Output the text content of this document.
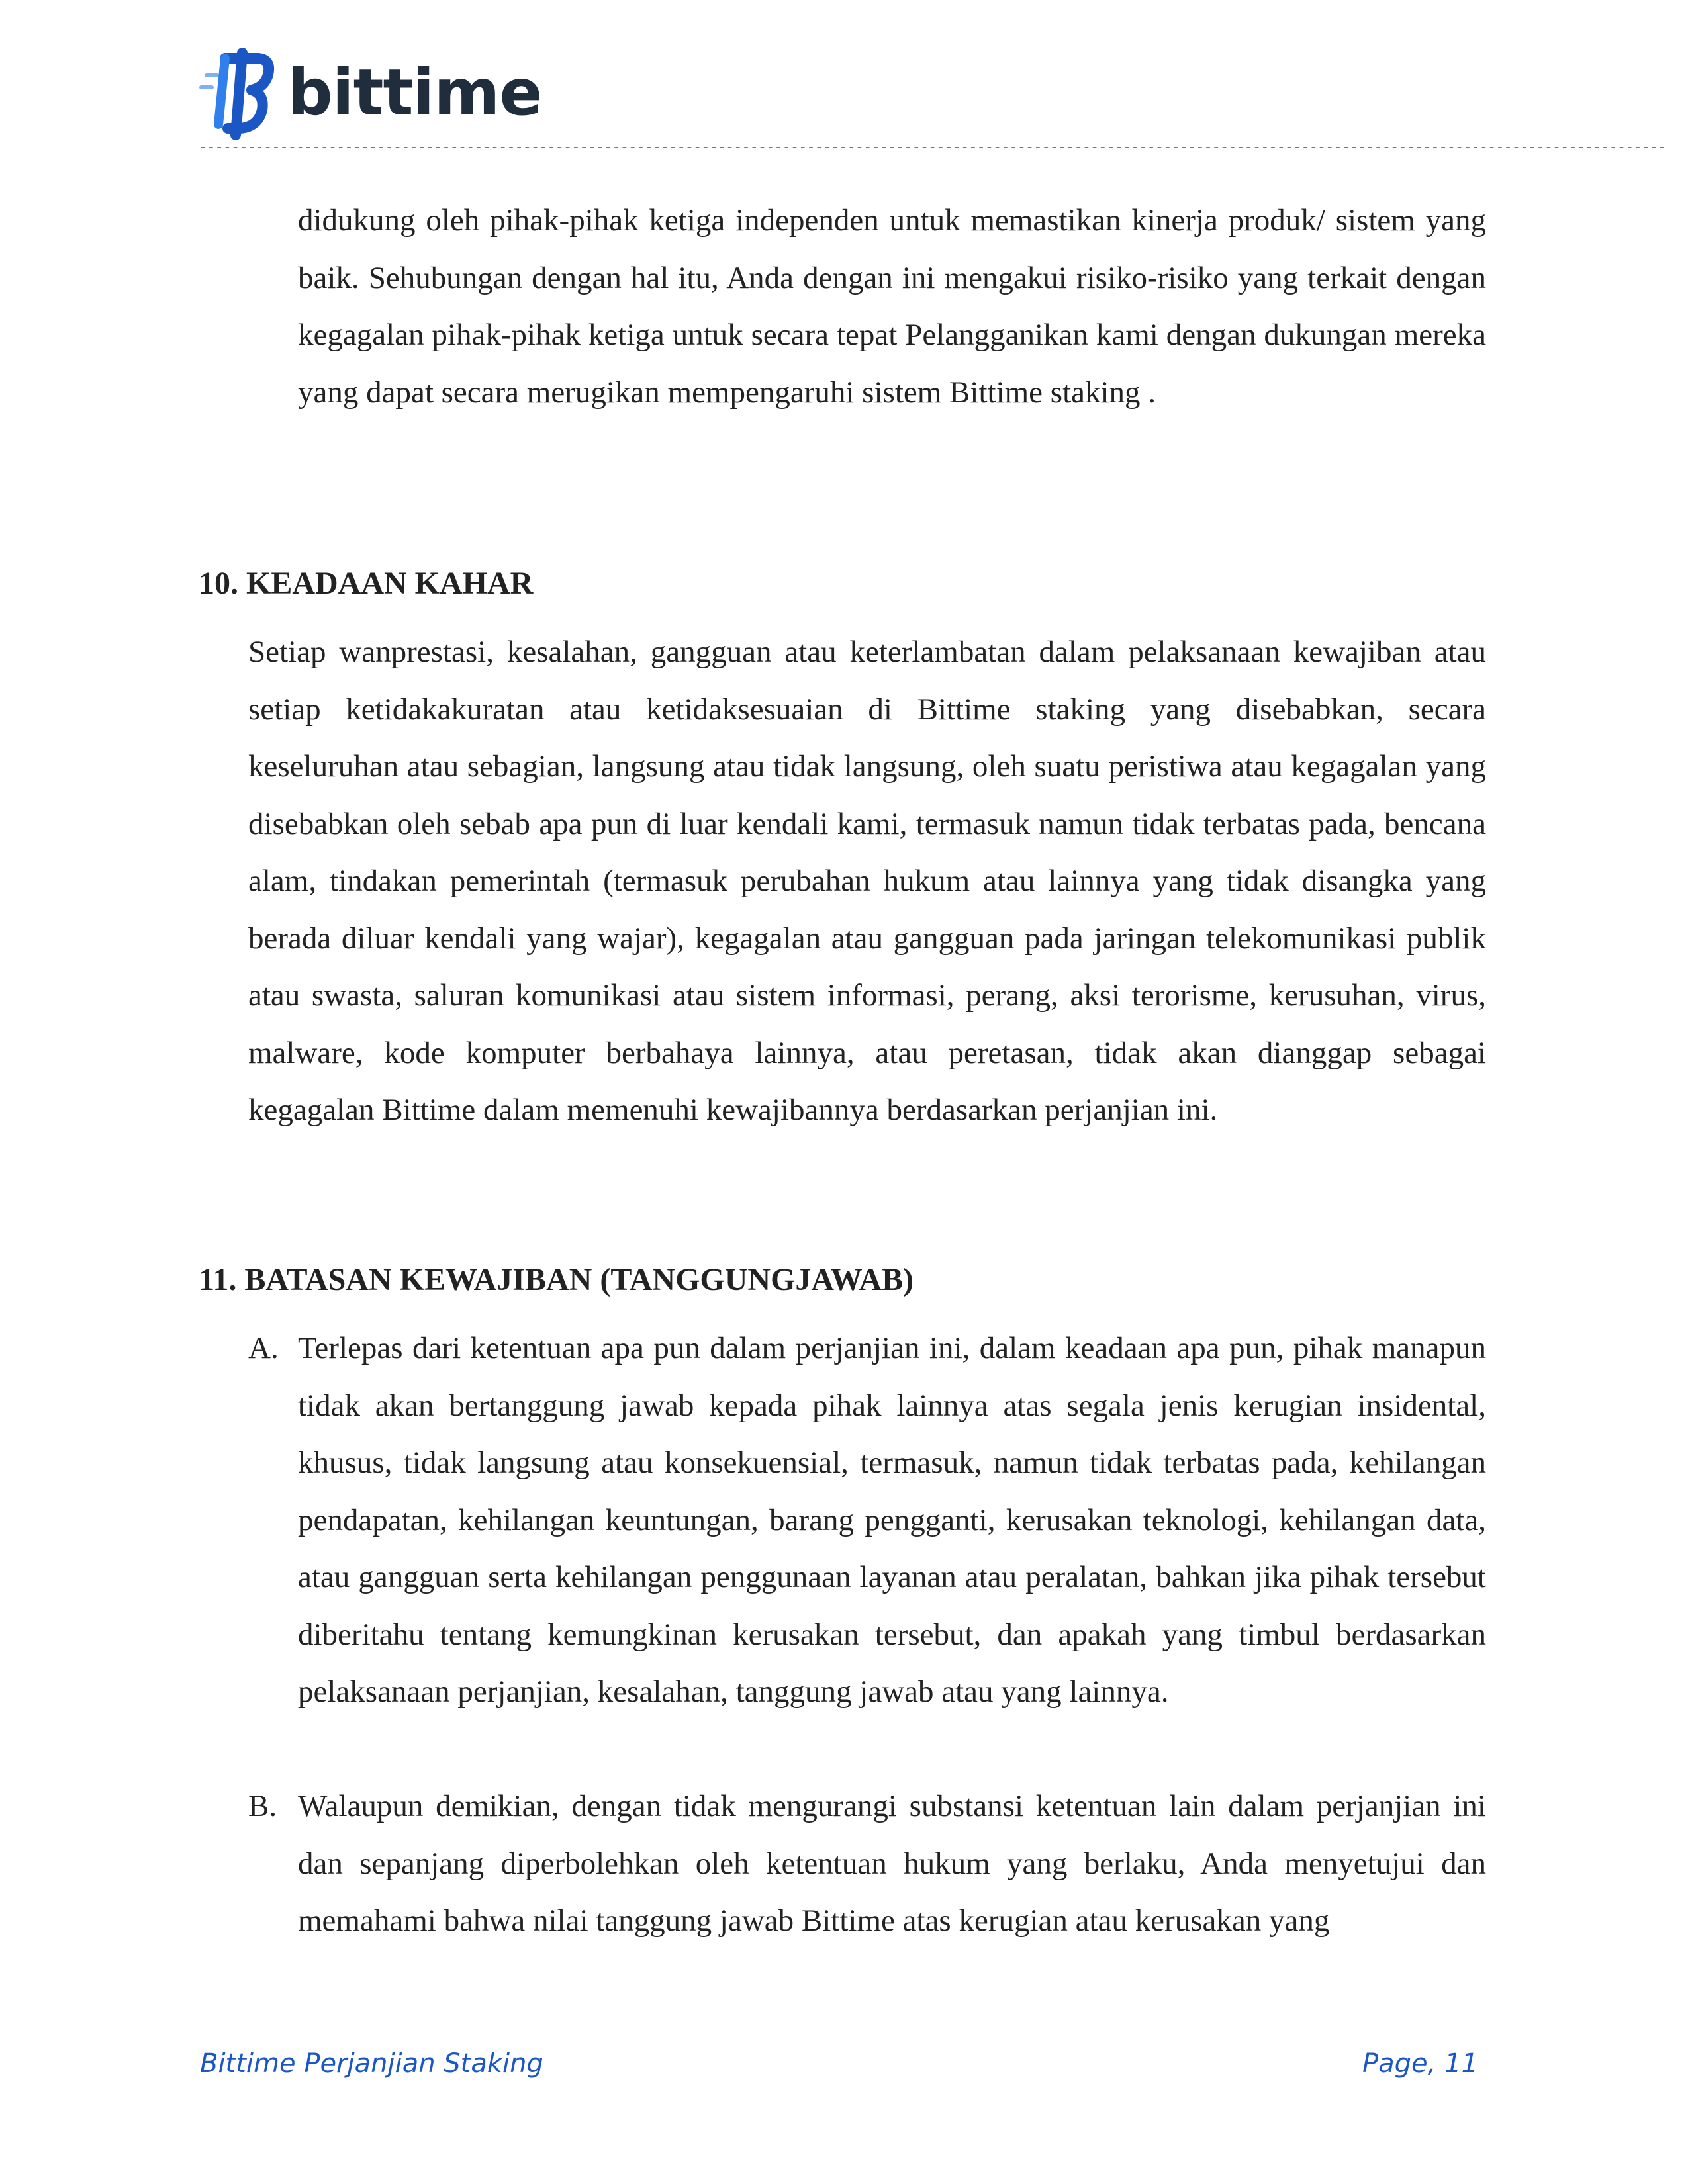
bittime
-------------------------------------------------------------------------------------------------------------------------------------------------------------------------------------

didukung oleh pihak-pihak ketiga independen untuk memastikan kinerja produk/ sistem yang baik. Sehubungan dengan hal itu, Anda dengan ini mengakui risiko-risiko yang terkait dengan kegagalan pihak-pihak ketiga untuk secara tepat Pelangganikan kami dengan dukungan mereka yang dapat secara merugikan mempengaruhi sistem Bittime staking .

10. KEADAAN KAHAR

Setiap wanprestasi, kesalahan, gangguan atau keterlambatan dalam pelaksanaan kewajiban atau setiap ketidakakuratan atau ketidaksesuaian di Bittime staking yang disebabkan, secara keseluruhan atau sebagian, langsung atau tidak langsung, oleh suatu peristiwa atau kegagalan yang disebabkan oleh sebab apa pun di luar kendali kami, termasuk namun tidak terbatas pada, bencana alam, tindakan pemerintah (termasuk perubahan hukum atau lainnya yang tidak disangka yang berada diluar kendali yang wajar), kegagalan atau gangguan pada jaringan telekomunikasi publik atau swasta, saluran komunikasi atau sistem informasi, perang, aksi terorisme, kerusuhan, virus, malware, kode komputer berbahaya lainnya, atau peretasan, tidak akan dianggap sebagai kegagalan Bittime dalam memenuhi kewajibannya berdasarkan perjanjian ini.

11. BATASAN KEWAJIBAN (TANGGUNGJAWAB)
A. Terlepas dari ketentuan apa pun dalam perjanjian ini, dalam keadaan apa pun, pihak manapun tidak akan bertanggung jawab kepada pihak lainnya atas segala jenis kerugian insidental, khusus, tidak langsung atau konsekuensial, termasuk, namun tidak terbatas pada, kehilangan pendapatan, kehilangan keuntungan, barang pengganti, kerusakan teknologi, kehilangan data, atau gangguan serta kehilangan penggunaan layanan atau peralatan, bahkan jika pihak tersebut diberitahu tentang kemungkinan kerusakan tersebut, dan apakah yang timbul berdasarkan pelaksanaan perjanjian, kesalahan, tanggung jawab atau yang lainnya.

B. Walaupun demikian, dengan tidak mengurangi substansi ketentuan lain dalam perjanjian ini dan sepanjang diperbolehkan oleh ketentuan hukum yang berlaku, Anda menyetujui dan memahami bahwa nilai tanggung jawab Bittime atas kerugian atau kerusakan yang

Bittime Perjanjian Staking	Page, 11
